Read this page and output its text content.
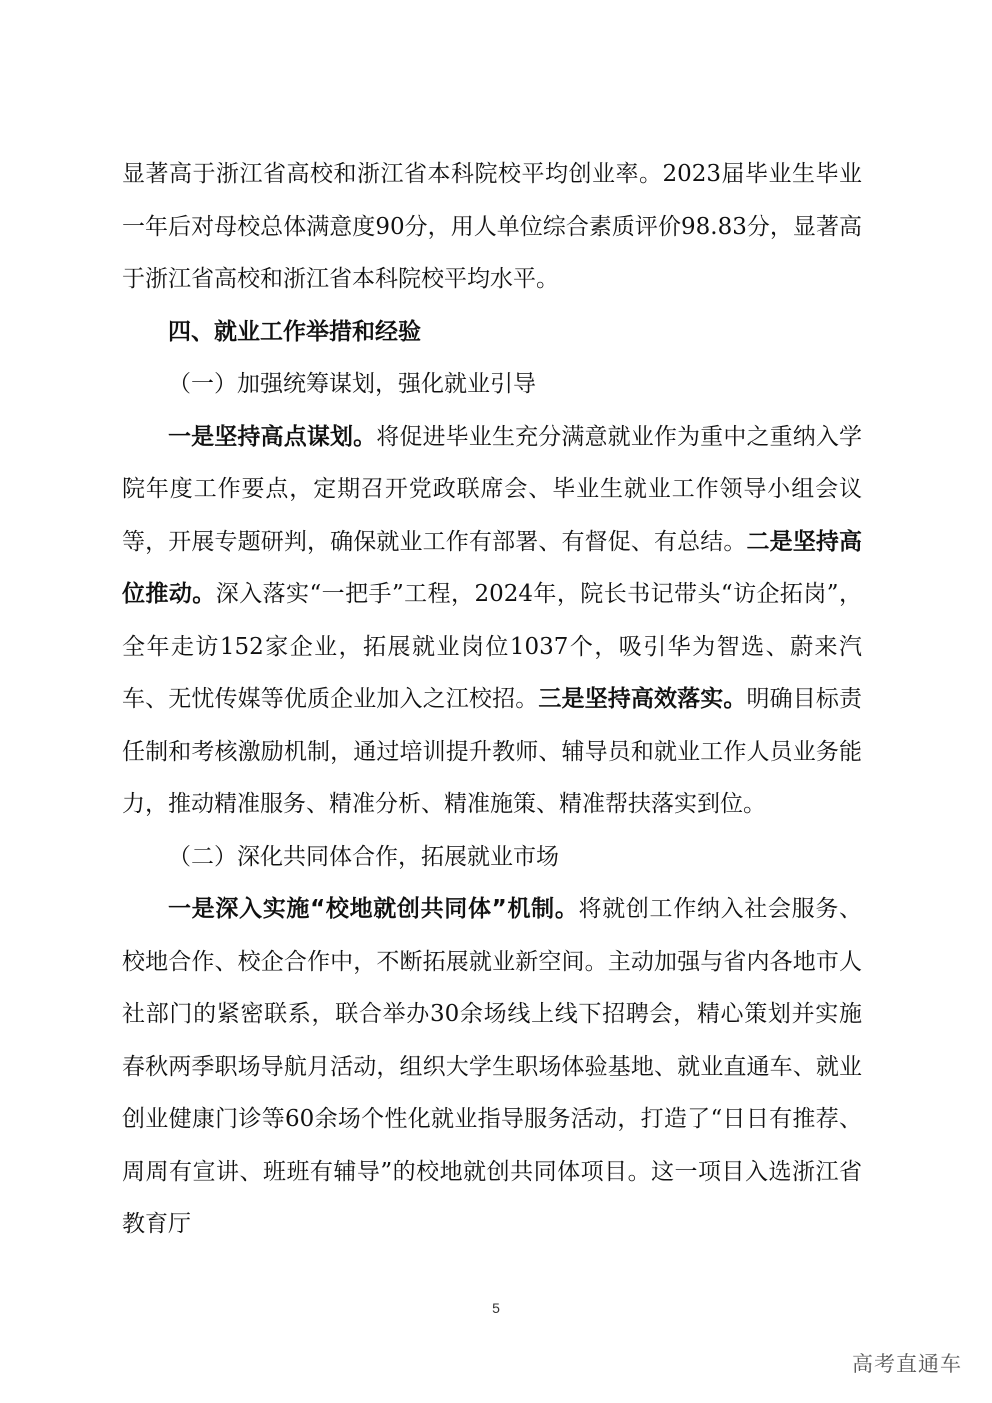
显著高于浙江省高校和浙江省本科院校平均创业率。2023届毕业生毕业一年后对母校总体满意度90分，用人单位综合素质评价98.83分，显著高于浙江省高校和浙江省本科院校平均水平。

四、就业工作举措和经验

（一）加强统筹谋划，强化就业引导

一是坚持高点谋划。将促进毕业生充分满意就业作为重中之重纳入学院年度工作要点，定期召开党政联席会、毕业生就业工作领导小组会议等，开展专题研判，确保就业工作有部署、有督促、有总结。二是坚持高位推动。深入落实“一把手”工程，2024年，院长书记带头“访企拓岗”，全年走访152家企业，拓展就业岗位1037个，吸引华为智选、蔚来汽车、无忧传媒等优质企业加入之江校招。三是坚持高效落实。明确目标责任制和考核激励机制，通过培训提升教师、辅导员和就业工作人员业务能力，推动精准服务、精准分析、精准施策、精准帮扶落实到位。

（二）深化共同体合作，拓展就业市场

一是深入实施“校地就创共同体”机制。将就创工作纳入社会服务、校地合作、校企合作中，不断拓展就业新空间。主动加强与省内各地市人社部门的紧密联系，联合举办30余场线上线下招聘会，精心策划并实施春秋两季职场导航月活动，组织大学生职场体验基地、就业直通车、就业创业健康门诊等60余场个性化就业指导服务活动，打造了“日日有推荐、周周有宣讲、班班有辅导”的校地就创共同体项目。这一项目入选浙江省教育厅

5
高考直通车
